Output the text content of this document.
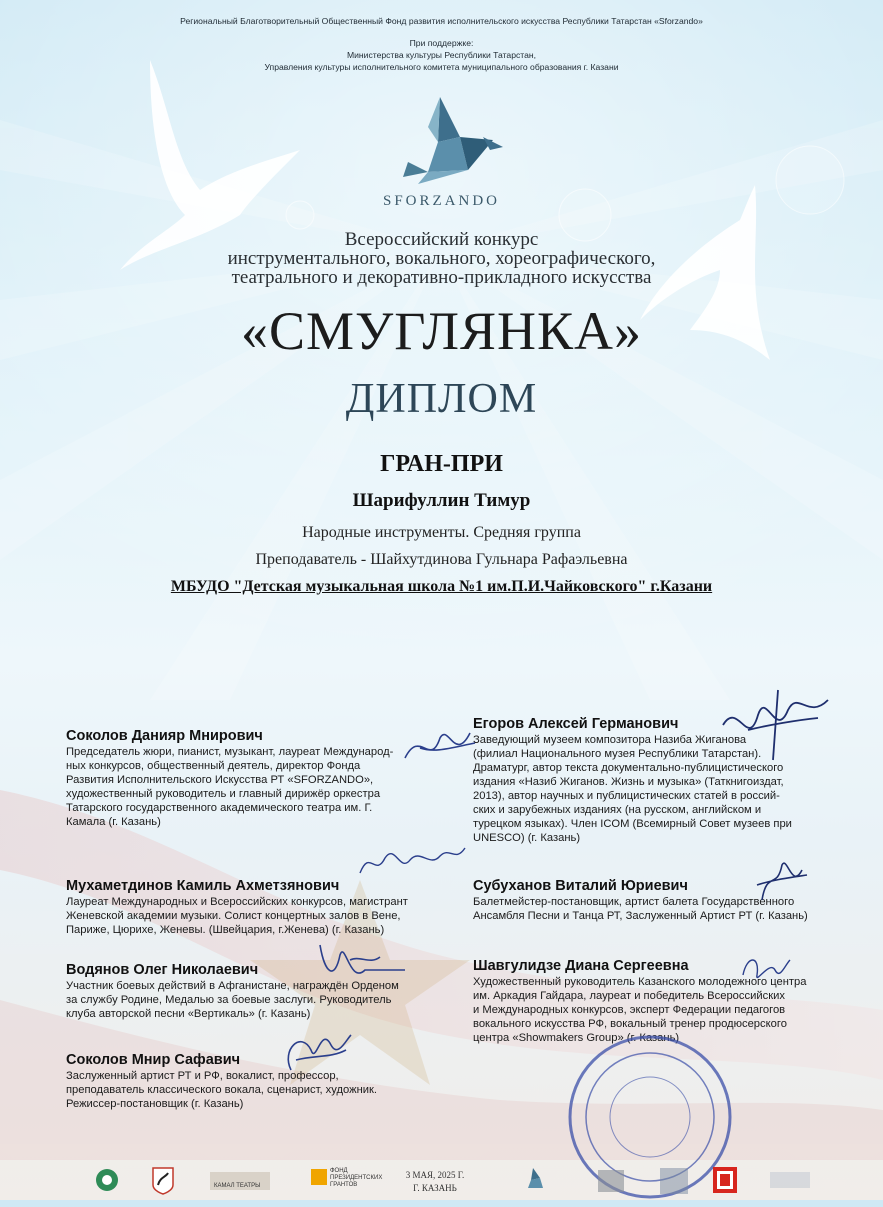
Региональный Благотворительный Общественный Фонд развития исполнительского искусства Республики Татарстан «Sforzando»
При поддержке:
Министерства культуры Республики Татарстан,
Управления культуры исполнительного комитета муниципального образования г. Казани
SFORZANDO
Всероссийский конкурс
инструментального, вокального, хореографического,
театрального и декоративно-прикладного искусства
«СМУГЛЯНКА»
ДИПЛОМ
ГРАН-ПРИ
Шарифуллин Тимур
Народные инструменты. Средняя группа
Преподаватель - Шайхутдинова Гульнара Рафаэльевна
МБУДО "Детская музыкальная школа №1 им.П.И.Чайковского" г.Казани
Соколов Данияр Мнирович
Председатель жюри, пианист, музыкант, лауреат Международ-
ных конкурсов, общественный деятель, директор Фонда
Развития Исполнительского Искусства РТ «SFORZANDO»,
художественный руководитель и главный дирижёр оркестра
Татарского государственного академического театра им. Г.
Камала (г. Казань)
Мухаметдинов Камиль Ахметзянович
Лауреат Международных и Всероссийских конкурсов, магистрант
Женевской академии музыки. Солист концертных залов в Вене,
Париже, Цюрихе, Женевы. (Швейцария, г.Женева) (г. Казань)
Водянов Олег Николаевич
Участник боевых действий в Афганистане, награждён Орденом
за службу Родине, Медалью за боевые заслуги. Руководитель
клуба авторской песни «Вертикаль» (г. Казань)
Соколов Мнир Сафавич
Заслуженный артист РТ и РФ, вокалист, профессор,
преподаватель классического вокала, сценарист, художник.
Режиссер-постановщик (г. Казань)
Егоров Алексей Германович
Заведующий музеем композитора Назиба Жиганова
(филиал Национального музея Республики Татарстан).
Драматург, автор текста документально-публицистического
издания «Назиб Жиганов. Жизнь и музыка» (Таткнигоиздат,
2013), автор научных и публицистических статей в россий-
ских и зарубежных изданиях (на русском, английском и
турецком языках). Член ICOM (Всемирный Совет музеев при
UNESCO) (г. Казань)
Субуханов Виталий Юриевич
Балетмейстер-постановщик, артист балета Государственного
Ансамбля Песни и Танца РТ, Заслуженный Артист РТ (г. Казань)
Шавгулидзе Диана Сергеевна
Художественный руководитель Казанского молодежного центра
им. Аркадия Гайдара, лауреат и победитель Всероссийских
и Международных конкурсов, эксперт Федерации педагогов
вокального искусства РФ, вокальный тренер продюсерского
центра «Showmakers Group» (г. Казань)
КАМАЛ ТЕАТРЫ
ФОНД
ПРЕЗИДЕНТСКИХ
ГРАНТОВ
3 МАЯ, 2025 Г.
Г. КАЗАНЬ
